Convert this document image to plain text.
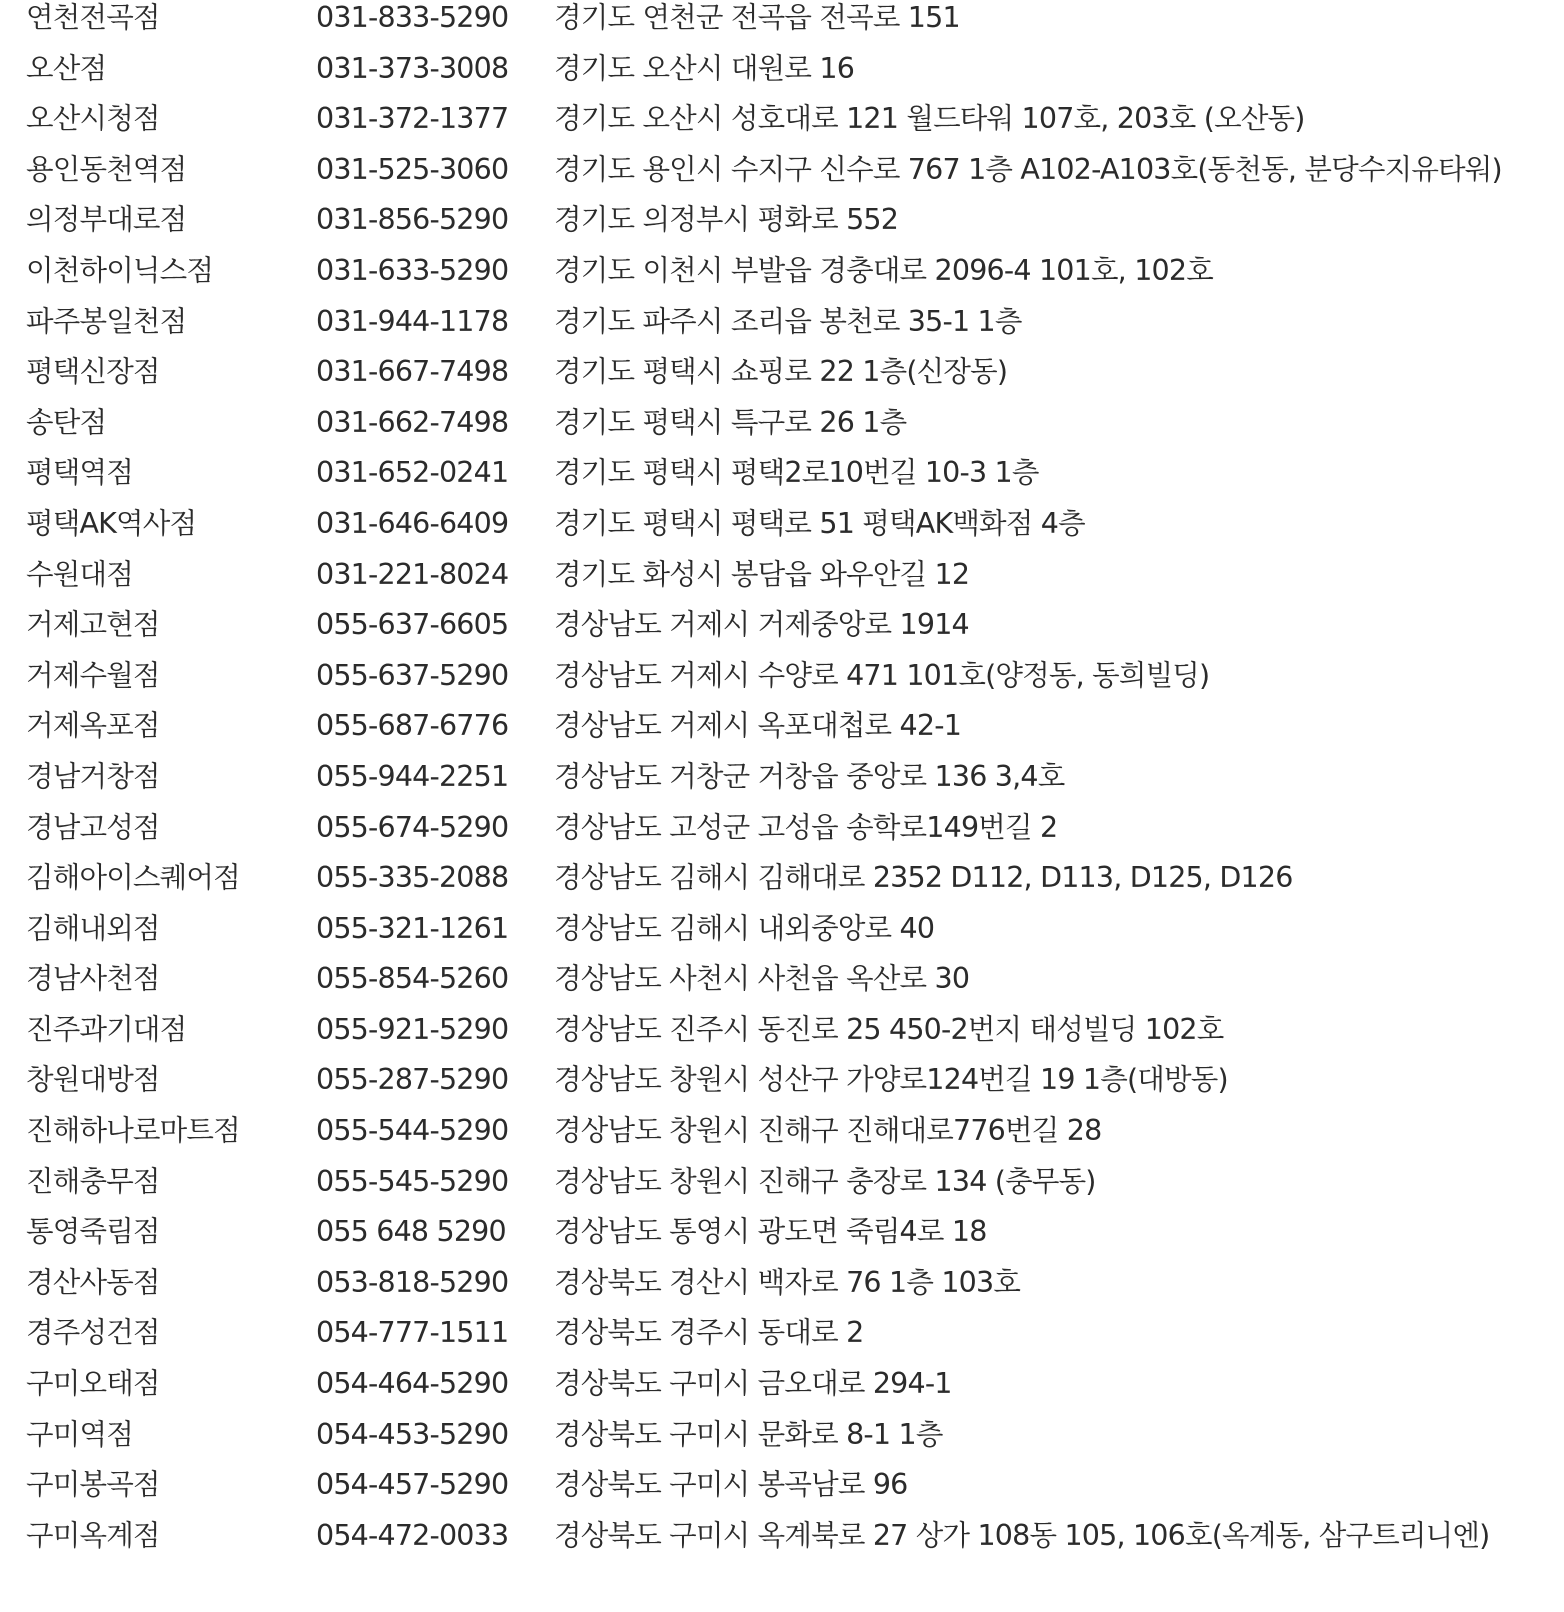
연천전곡점	031-833-5290 경기도 연천군 전곡읍 전곡로 151
오산점	031-373-3008 경기도 오산시 대원로 16
오산시청점	031-372-1377 경기도 오산시 성호대로 121 월드타워 107호, 203호 (오산동)
용인동천역점	031-525-3060 경기도 용인시 수지구 신수로 767 1층 A102-A103호(동천동, 분당수지유타워)
의정부대로점	031-856-5290 경기도 의정부시 평화로 552
이천하이닉스점	031-633-5290 경기도 이천시 부발읍 경충대로 2096-4 101호, 102호
파주봉일천점	031-944-1178 경기도 파주시 조리읍 봉천로 35-1 1층
평택신장점	031-667-7498 경기도 평택시 쇼핑로 22 1층(신장동)
송탄점	031-662-7498 경기도 평택시 특구로 26 1층
평택역점	031-652-0241 경기도 평택시 평택2로10번길 10-3 1층
평택AK역사점	031-646-6409 경기도 평택시 평택로 51 평택AK백화점 4층
수원대점	031-221-8024 경기도 화성시 봉담읍 와우안길 12
거제고현점	055-637-6605 경상남도 거제시 거제중앙로 1914
거제수월점	055-637-5290 경상남도 거제시 수양로 471 101호(양정동, 동희빌딩)
거제옥포점	055-687-6776 경상남도 거제시 옥포대첩로 42-1
경남거창점	055-944-2251 경상남도 거창군 거창읍 중앙로 136 3,4호
경남고성점	055-674-5290 경상남도 고성군 고성읍 송학로149번길 2
김해아이스퀘어점	055-335-2088 경상남도 김해시 김해대로 2352 D112, D113, D125, D126
김해내외점	055-321-1261 경상남도 김해시 내외중앙로 40
경남사천점	055-854-5260 경상남도 사천시 사천읍 옥산로 30
진주과기대점	055-921-5290 경상남도 진주시 동진로 25 450-2번지 태성빌딩 102호
창원대방점	055-287-5290 경상남도 창원시 성산구 가양로124번길 19 1층(대방동)
진해하나로마트점	055-544-5290 경상남도 창원시 진해구 진해대로776번길 28
진해충무점	055-545-5290 경상남도 창원시 진해구 충장로 134 (충무동)
통영죽림점	055 648 5290 경상남도 통영시 광도면 죽림4로 18
경산사동점	053-818-5290 경상북도 경산시 백자로 76 1층 103호
경주성건점	054-777-1511 경상북도 경주시 동대로 2
구미오태점	054-464-5290 경상북도 구미시 금오대로 294-1
구미역점	054-453-5290 경상북도 구미시 문화로 8-1 1층
구미봉곡점	054-457-5290 경상북도 구미시 봉곡남로 96
구미옥계점	054-472-0033 경상북도 구미시 옥계북로 27 상가 108동 105, 106호(옥계동, 삼구트리니엔)
